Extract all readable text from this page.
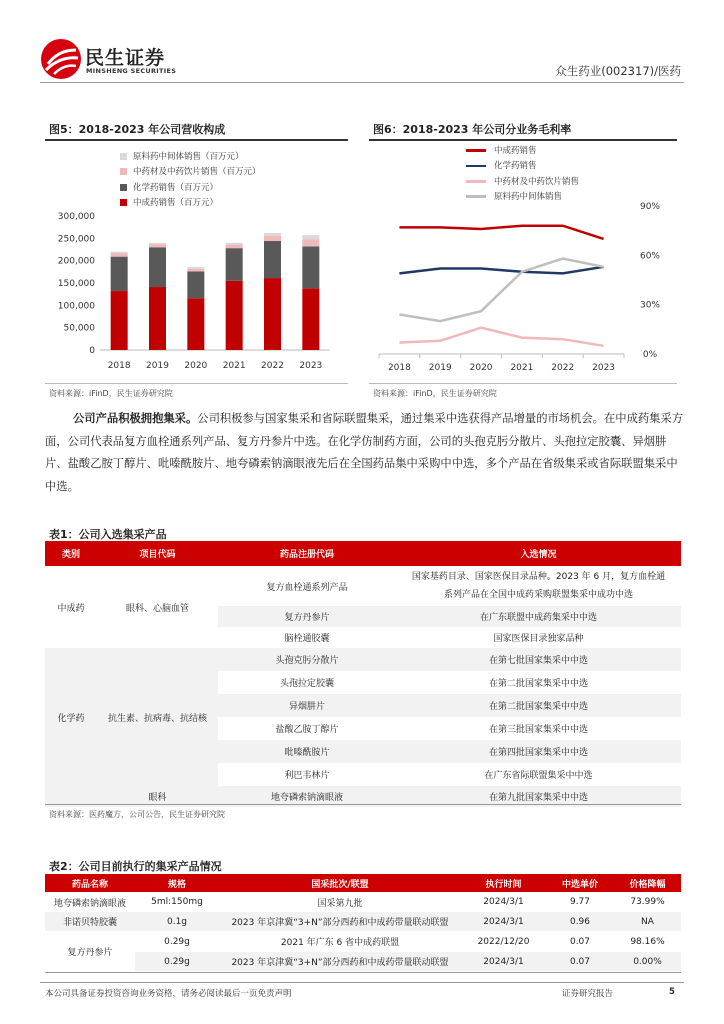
民生证券
MINSHENG SECURITIES	众生药业(002317)/医药
图5：2018-2023 年公司营收构成
原料药中间体销售（百万元）
中药材及中药饮片销售（百万元）
化学药销售（百万元）
中成药销售（百万元）
0
50,000
100,000
150,000
200,000
250,000
300,000
2018 2019 2020 2021 2022 2023
资料来源：iFinD，民生证券研究院
图6：2018-2023 年公司分业务毛利率
中成药销售
化学药销售
中药材及中药饮片销售
原料药中间体销售
0%
30%
60%
90%
2018 2019 2020 2021 2022 2023
资料来源：iFinD，民生证券研究院
公司产品积极拥抱集采。公司积极参与国家集采和省际联盟集采，通过集采中选获得产品增量的市场机会。在中成药集采方面，公司代表品复方血栓通系列产品、复方丹参片中选。在化学仿制药方面，公司的头孢克肟分散片、头孢拉定胶囊、异烟肼片、盐酸乙胺丁醇片、吡嗪酰胺片、地夸磷索钠滴眼液先后在全国药品集中采购中中选，多个产品在省级集采或省际联盟集采中中选。
表1：公司入选集采产品
类别	项目代码	药品注册代码	入选情况
中成药	眼科、心脑血管	复方血栓通系列产品	国家基药目录、国家医保目录品种。2023 年 6 月，复方血栓通系列产品在全国中成药采购联盟集采中成功中选
		复方丹参片	在广东联盟中成药集采中中选
		脑栓通胶囊	国家医保目录独家品种
化学药	抗生素、抗病毒、抗结核	头孢克肟分散片	在第七批国家集采中中选
		头孢拉定胶囊	在第二批国家集采中中选
		异烟肼片	在第二批国家集采中中选
		盐酸乙胺丁醇片	在第三批国家集采中中选
		吡嗪酰胺片	在第四批国家集采中中选
		利巴韦林片	在广东省际联盟集采中中选
	眼科	地夸磷索钠滴眼液	在第九批国家集采中中选
资料来源：医药魔方，公司公告，民生证券研究院
表2：公司目前执行的集采产品情况
药品名称	规格	国采批次/联盟	执行时间	中选单价	价格降幅
地夸磷索钠滴眼液	5ml:150mg	国采第九批	2024/3/1	9.77	73.99%
非诺贝特胶囊	0.1g	2023 年京津冀“3+N”部分西药和中成药带量联动联盟	2024/3/1	0.96	NA
复方丹参片	0.29g	2021 年广东 6 省中成药联盟	2022/12/20	0.07	98.16%
	0.29g	2023 年京津冀“3+N”部分西药和中成药带量联动联盟	2024/3/1	0.07	0.00%
本公司具备证券投资咨询业务资格，请务必阅读最后一页免责声明	证券研究报告	5
